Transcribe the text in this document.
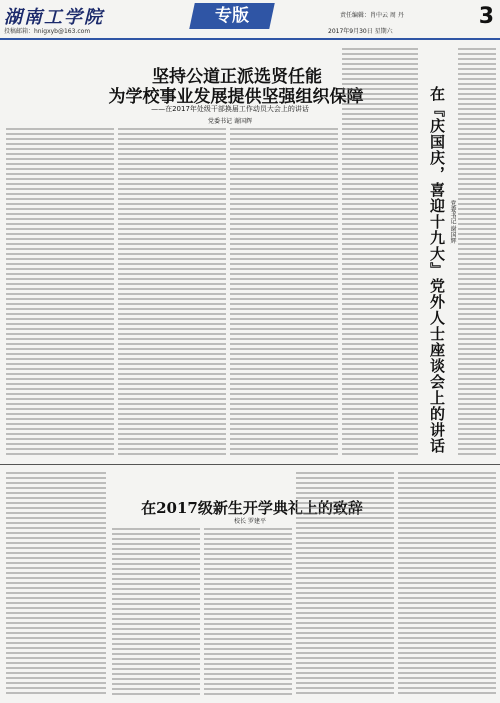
湖南工学院
投稿邮箱：hnigxyb@163.com
专版	责任编辑：肖中云 周 丹	3
2017年9月30日 星期六
坚持公道正派选贤任能
为学校事业发展提供坚强组织保障
——在2017年处级干部换届工作动员大会上的讲话
党委书记 谢国辉	在『庆国庆，喜迎十九大』党外人士座谈会上的讲话 党委书记 谢国辉
在2017级新生开学典礼上的致辞
校长 罗建平
